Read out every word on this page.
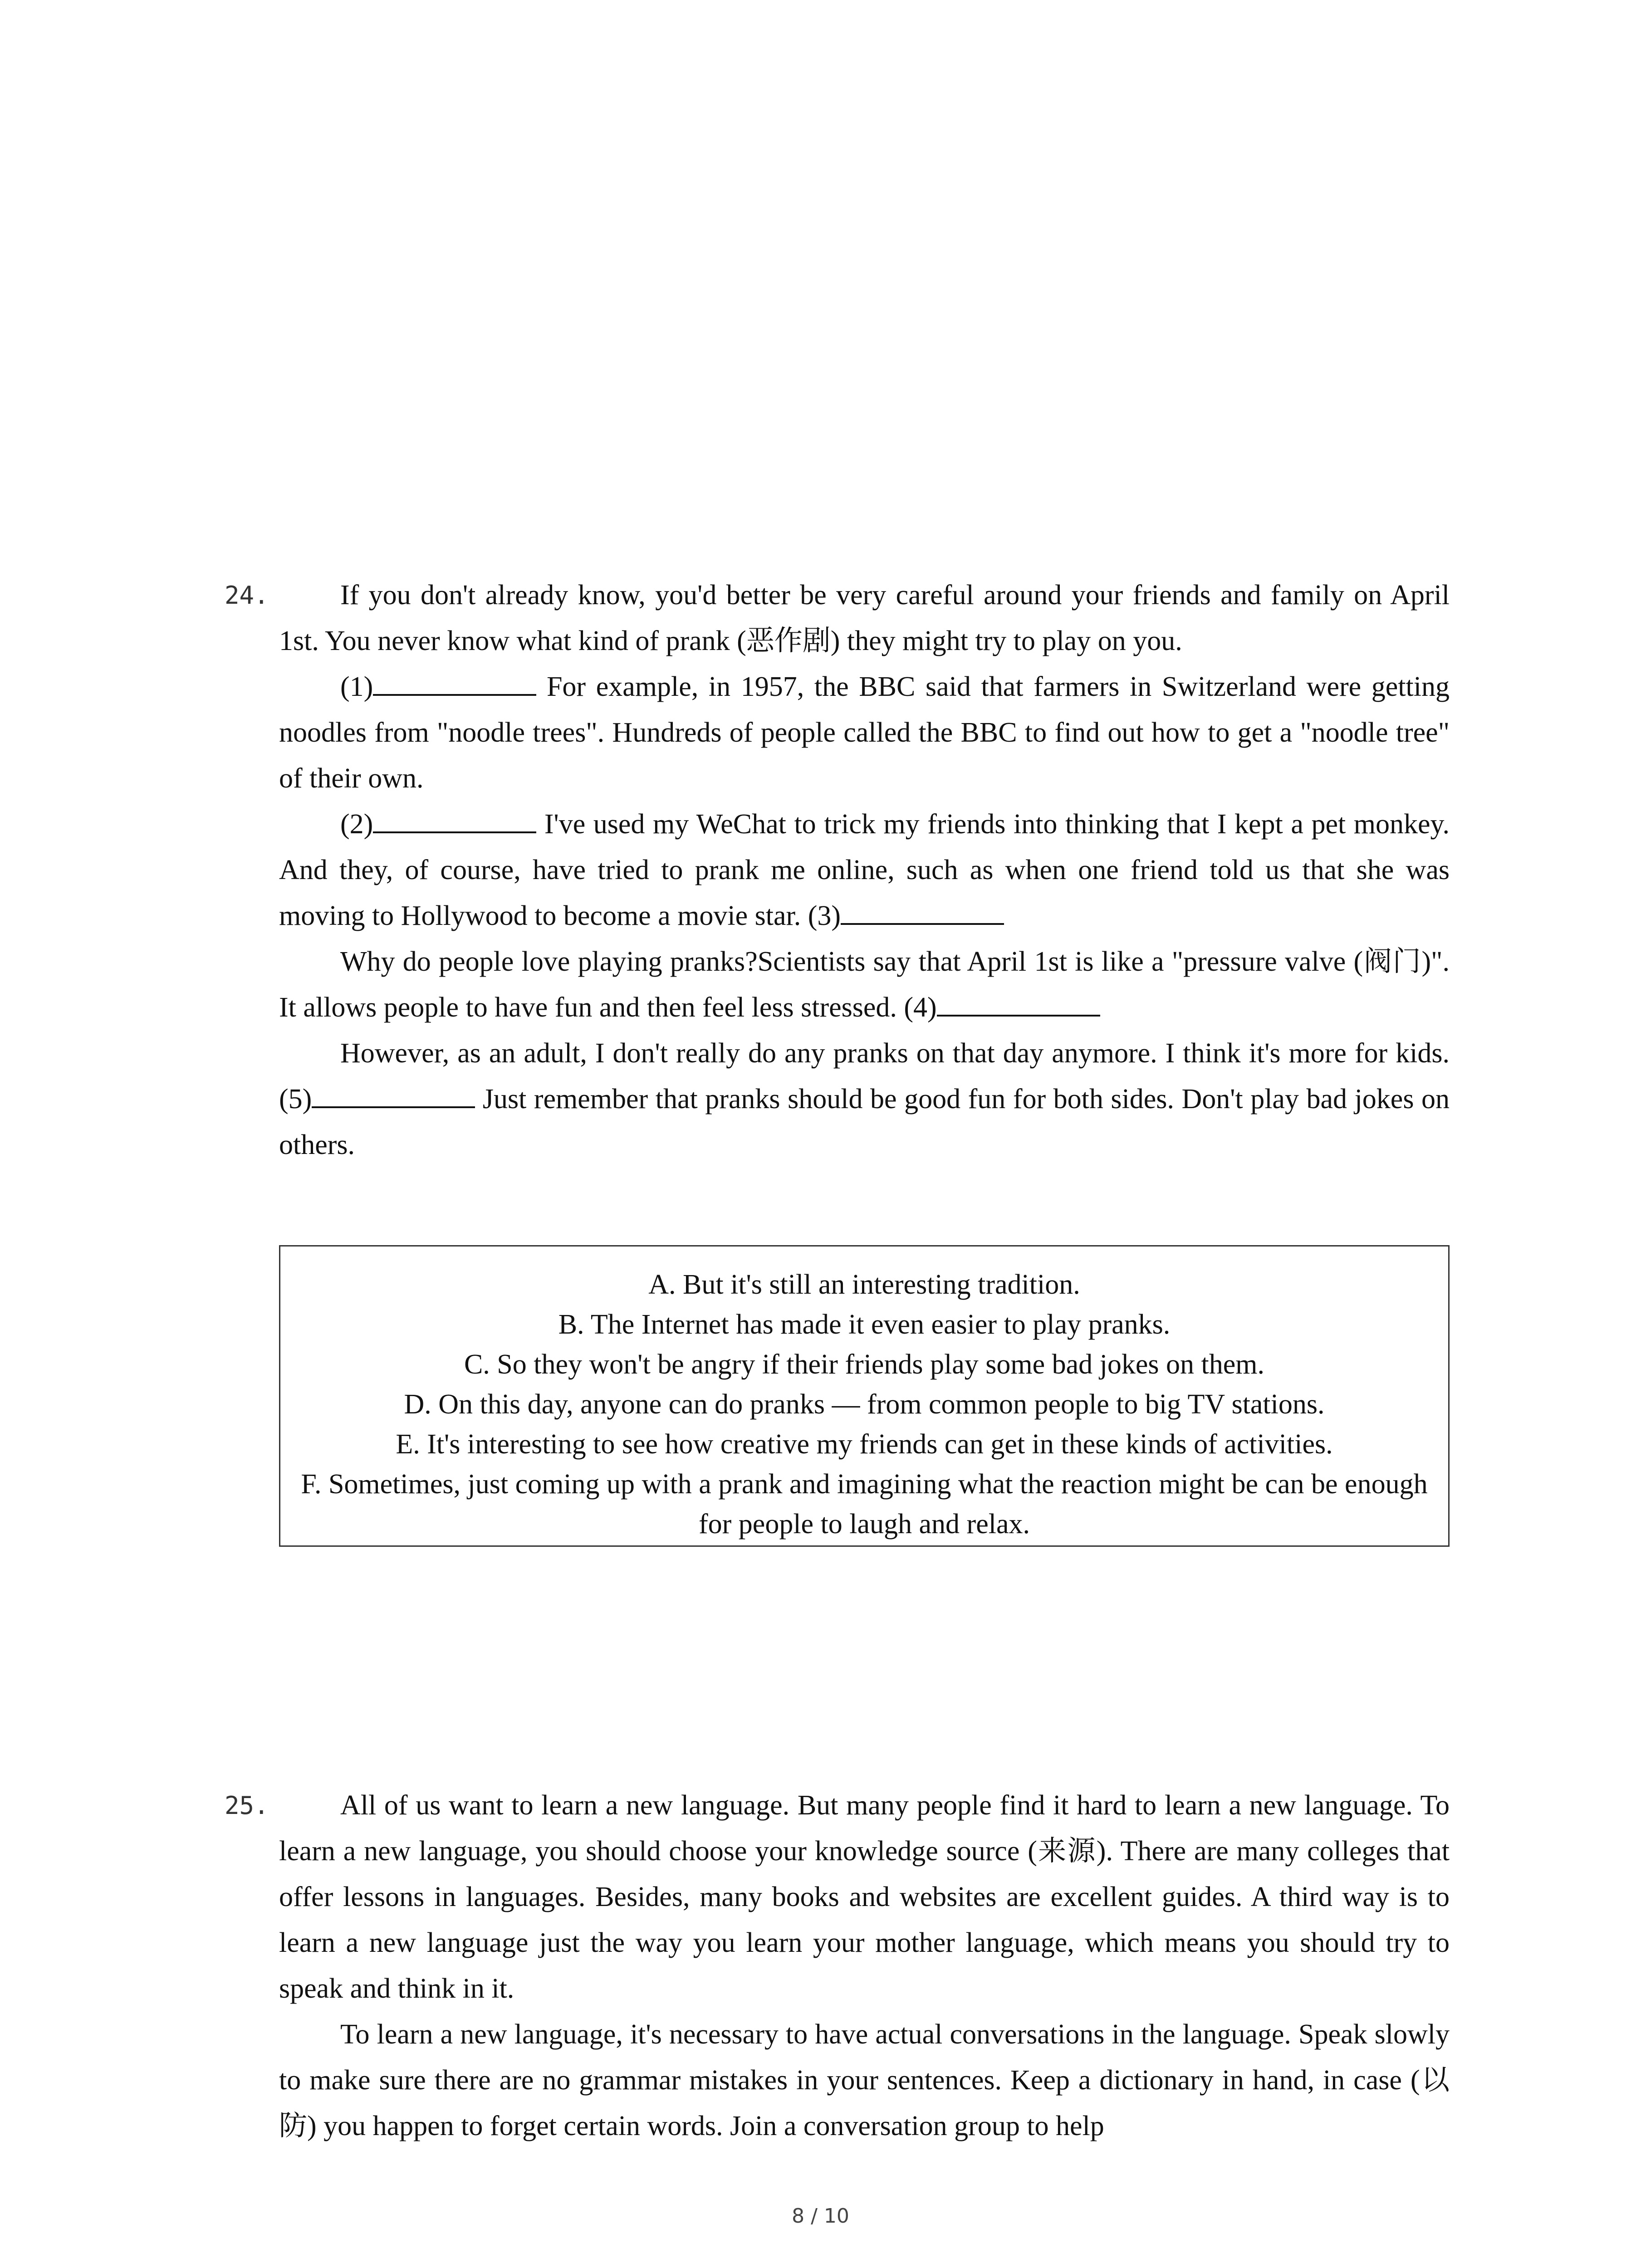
24.	If you don't already know, you'd better be very careful around your friends and family on April 1st. You never know what kind of prank (恶作剧) they might try to play on you.

(1)	For example, in 1957, the BBC said that farmers in Switzerland were getting noodles from "noodle trees". Hundreds of people called the BBC to find out how to get a "noodle tree" of their own.

(2)	I've used my WeChat to trick my friends into thinking that I kept a pet monkey. And they, of course, have tried to prank me online, such as when one friend told us that she was moving to Hollywood to become a movie star. (3)

Why do people love playing pranks?Scientists say that April 1st is like a "pressure valve (阀门)". It allows people to have fun and then feel less stressed. (4)

However, as an adult, I don't really do any pranks on that day anymore. I think it's more for kids. (5)	Just remember that pranks should be good fun for both sides. Don't play bad jokes on others.

A. But it's still an interesting tradition.
B. The Internet has made it even easier to play pranks.
C. So they won't be angry if their friends play some bad jokes on them.
D. On this day, anyone can do pranks — from common people to big TV stations.
E. It's interesting to see how creative my friends can get in these kinds of activities.
F. Sometimes, just coming up with a prank and imagining what the reaction might be can be enough for people to laugh and relax.
25.	All of us want to learn a new language. But many people find it hard to learn a new language. To learn a new language, you should choose your knowledge source (来源). There are many colleges that offer lessons in languages. Besides, many books and websites are excellent guides. A third way is to learn a new language just the way you learn your mother language, which means you should try to speak and think in it.

To learn a new language, it's necessary to have actual conversations in the language. Speak slowly to make sure there are no grammar mistakes in your sentences. Keep a dictionary in hand, in case (以防) you happen to forget certain words. Join a conversation group to help

8 / 10
